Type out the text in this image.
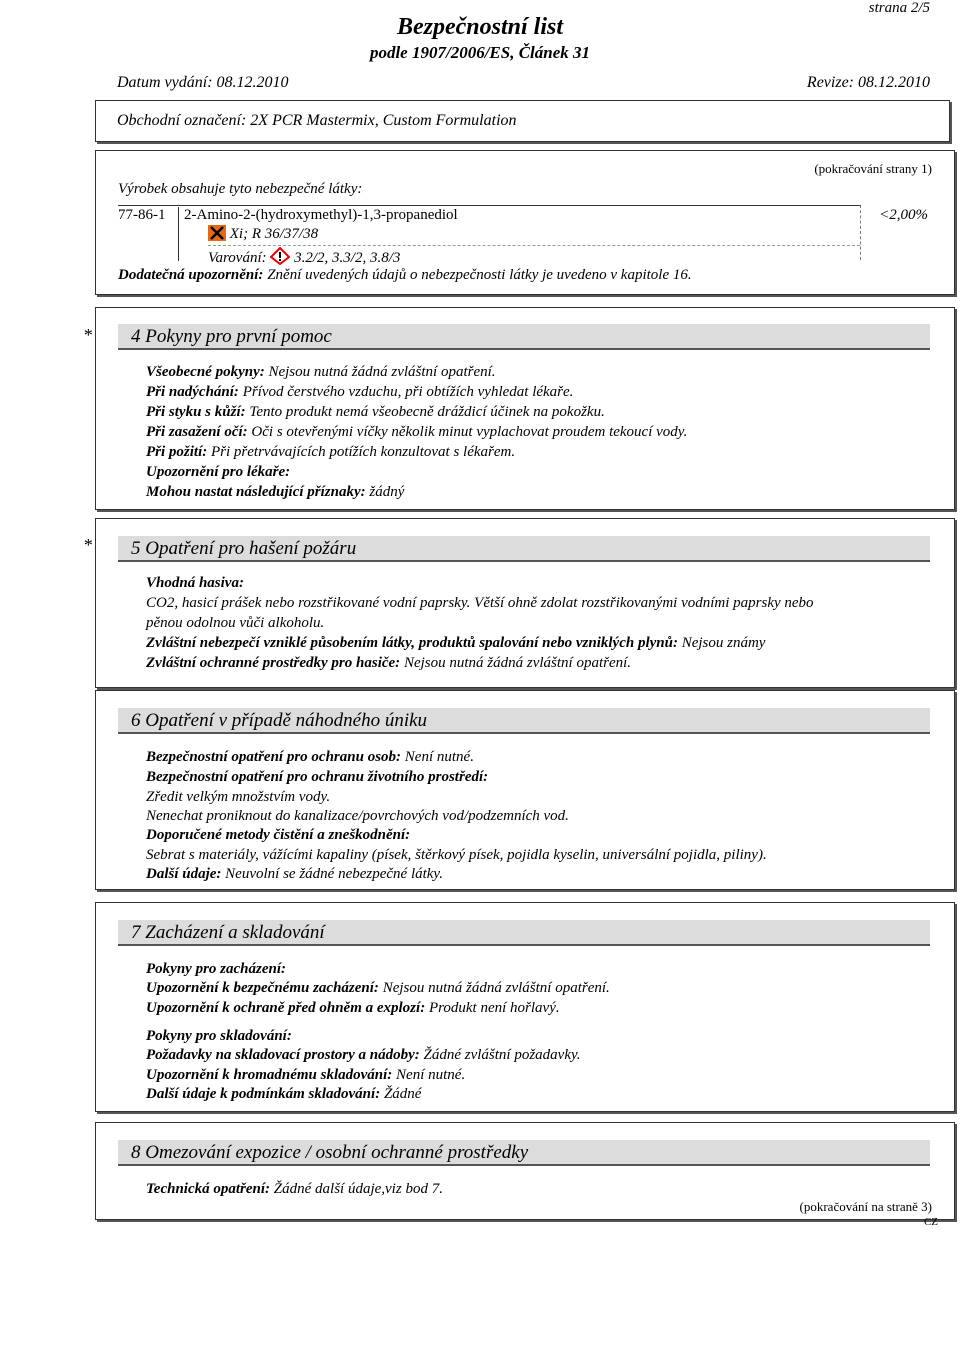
strana 2/5
Bezpečnostní list
podle 1907/2006/ES, Článek 31
Datum vydání: 08.12.2010	Revize: 08.12.2010
Obchodní označení: 2X PCR Mastermix, Custom Formulation
(pokračování strany 1)
Výrobek obsahuje tyto nebezpečné látky:
77-86-1 2-Amino-2-(hydroxymethyl)-1,3-propanediol
Xi; R 36/37/38
Varování: 3.2/2, 3.3/2, 3.8/3
<2,00%
Dodatečná upozornění: Znění uvedených údajů o nebezpečnosti látky je uvedeno v kapitole 16.
*	4 Pokyny pro první pomoc
Všeobecné pokyny: Nejsou nutná žádná zvláštní opatření.
Při nadýchání: Přívod čerstvého vzduchu, při obtížích vyhledat lékaře.
Při styku s kůží: Tento produkt nemá všeobecně dráždicí účinek na pokožku.
Při zasažení očí: Oči s otevřenými víčky několik minut vyplachovat proudem tekoucí vody.
Při požití: Při přetrvávajících potížích konzultovat s lékařem.
Upozornění pro lékaře:
Mohou nastat následující příznaky: žádný
*	5 Opatření pro hašení požáru
Vhodná hasiva:
CO2, hasicí prášek nebo rozstřikované vodní paprsky. Větší ohně zdolat rozstřikovanými vodními paprsky nebo
pěnou odolnou vůči alkoholu.
Zvláštní nebezpečí vzniklé působením látky, produktů spalování nebo vzniklých plynů: Nejsou známy
Zvláštní ochranné prostředky pro hasiče: Nejsou nutná žádná zvláštní opatření.
6 Opatření v případě náhodného úniku
Bezpečnostní opatření pro ochranu osob: Není nutné.
Bezpečnostní opatření pro ochranu životního prostředí:
Zředit velkým množstvím vody.
Nenechat proniknout do kanalizace/povrchových vod/podzemních vod.
Doporučené metody čistění a zneškodnění:
Sebrat s materiály, vážícími kapaliny (písek, štěrkový písek, pojidla kyselin, universální pojidla, piliny).
Další údaje: Neuvolní se žádné nebezpečné látky.
7 Zacházení a skladování
Pokyny pro zacházení:
Upozornění k bezpečnému zacházení: Nejsou nutná žádná zvláštní opatření.
Upozornění k ochraně před ohněm a explozí: Produkt není hořlavý.
Pokyny pro skladování:
Požadavky na skladovací prostory a nádoby: Žádné zvláštní požadavky.
Upozornění k hromadnému skladování: Není nutné.
Další údaje k podmínkám skladování: Žádné
8 Omezování expozice / osobní ochranné prostředky
Technická opatření: Žádné další údaje,viz bod 7.
(pokračování na straně 3)
CZ
